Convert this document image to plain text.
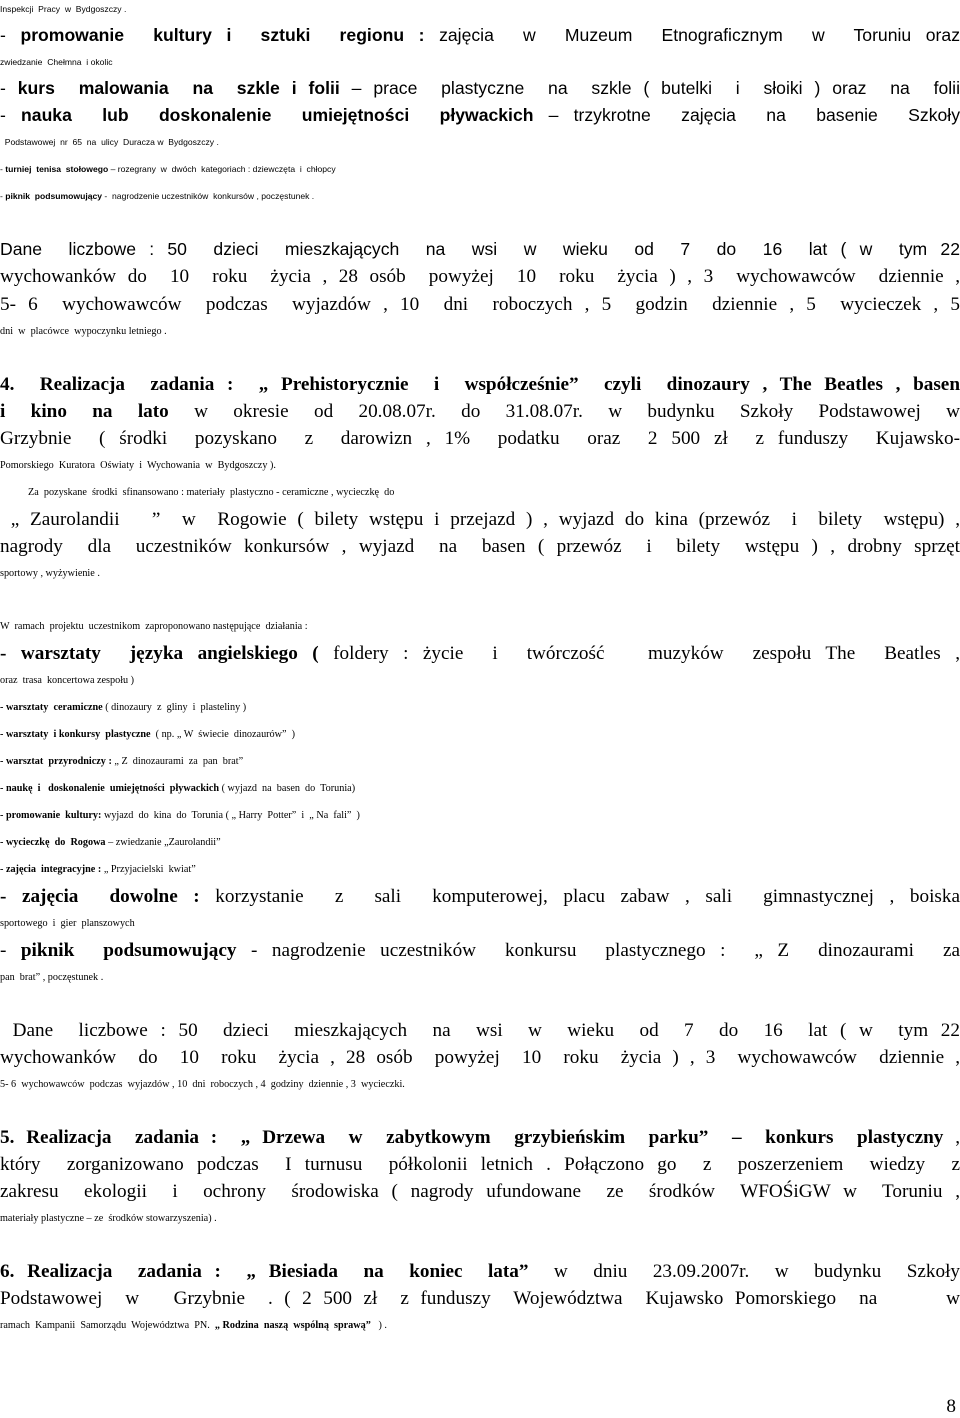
Inspekcji  Pracy  w  Bydgoszczy .
- promowanie  kultury i  sztuki  regionu : zajęcia  w  Muzeum  Etnograficznym  w  Toruniu oraz
zwiedzanie  Chełmna  i okolic
- kurs  malowania  na  szkle i folii – prace  plastyczne  na  szkle ( butelki  i  słoiki ) oraz  na  folii
- nauka  lub  doskonalenie  umiejętności  pływackich – trzykrotne  zajęcia  na  basenie  Szkoły
Podstawowej  nr  65  na  ulicy  Duracza w  Bydgoszczy .
- turniej  tenisa  stołowego – rozegrany  w  dwóch  kategoriach : dziewczęta  i  chłopcy
- piknik  podsumowujący -  nagrodzenie uczestników  konkursów , poczęstunek .
Dane  liczbowe : 50  dzieci  mieszkających  na  wsi  w  wieku  od  7  do  16  lat ( w  tym 22
wychowanków do  10  roku  życia , 28 osób  powyżej  10  roku  życia ) , 3  wychowawców  dziennie ,
5- 6  wychowawców  podczas  wyjazdów , 10  dni  roboczych , 5  godzin  dziennie , 5  wycieczek , 5
dni  w  placówce  wypoczynku letniego .
4.  Realizacja  zadania :  „ Prehistorycznie  i  współcześnie”  czyli  dinozaury , The Beatles , basen
i  kino  na  lato  w  okresie  od  20.08.07r.  do  31.08.07r.  w  budynku  Szkoły  Podstawowej  w
Grzybnie  ( środki  pozyskano  z  darowizn , 1%  podatku  oraz  2 500 zł  z funduszy  Kujawsko-
Pomorskiego  Kuratora  Oświaty  i  Wychowania  w  Bydgoszczy ).
Za  pozyskane  środki  sfinansowano : materiały  plastyczno - ceramiczne , wycieczkę  do
„ Zaurolandii   ”  w  Rogowie ( bilety wstępu i przejazd ) , wyjazd do kina (przewóz  i  bilety  wstępu) ,
nagrody  dla  uczestników konkursów , wyjazd  na  basen ( przewóz  i  bilety  wstępu ) , drobny sprzęt
sportowy , wyżywienie .
W  ramach  projektu  uczestnikom  zaproponowano następujące  działania :
- warsztaty  języka angielskiego ( foldery : życie  i  twórczość   muzyków  zespołu The  Beatles ,
oraz  trasa  koncertowa zespołu )
- warsztaty  ceramiczne ( dinozaury  z  gliny  i  plasteliny )
- warsztaty  i konkursy  plastyczne  ( np. „ W  świecie  dinozaurów”  )
- warsztat  przyrodniczy : „ Z  dinozaurami  za  pan  brat”
- naukę  i   doskonalenie  umiejętności  pływackich ( wyjazd  na  basen  do  Torunia)
- promowanie  kultury: wyjazd  do  kina  do  Torunia ( „ Harry  Potter”  i  „ Na  fali”  )
- wycieczkę  do  Rogowa – zwiedzanie „Zaurolandii”
- zajęcia  integracyjne : „ Przyjacielski  kwiat”
- zajęcia  dowolne : korzystanie  z  sali  komputerowej, placu zabaw , sali  gimnastycznej , boiska
sportowego  i  gier  planszowych
- piknik  podsumowujący - nagrodzenie uczestników  konkursu  plastycznego :  „ Z  dinozaurami  za
pan  brat” , poczęstunek .
Dane  liczbowe : 50  dzieci  mieszkających  na  wsi  w  wieku  od  7  do  16  lat ( w  tym 22
wychowanków  do  10  roku  życia , 28 osób  powyżej  10  roku  życia ) , 3  wychowawców  dziennie ,
5- 6  wychowawców  podczas  wyjazdów , 10  dni  roboczych , 4  godziny  dziennie , 3  wycieczki.
5. Realizacja  zadania :  „ Drzewa  w  zabytkowym  grzybieńskim  parku”  –  konkurs  plastyczny ,
który  zorganizowano podczas  I turnusu  półkolonii letnich . Połączono go  z  poszerzeniem  wiedzy  z
zakresu  ekologii  i  ochrony  środowiska ( nagrody ufundowane  ze  środków  WFOŚiGW w  Toruniu ,
materiały plastyczne – ze  środków stowarzyszenia) .
6. Realizacja  zadania :  „ Biesiada  na  koniec  lata”  w  dniu  23.09.2007r.  w  budynku  Szkoły
Podstawowej  w   Grzybnie  . ( 2 500 zł  z funduszy  Województwa  Kujawsko Pomorskiego  na      w
ramach  Kampanii  Samorządu  Województwa  PN.  „ Rodzina  naszą  wspólną  sprawą”   ) .
8
